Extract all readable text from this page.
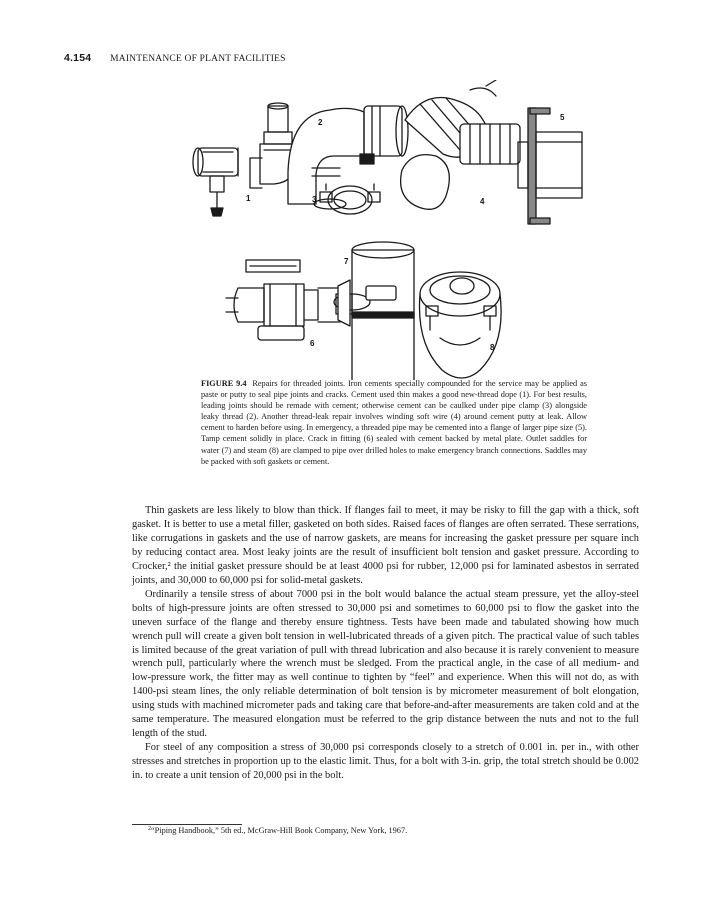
4.154 MAINTENANCE OF PLANT FACILITIES
1
2
3	4
5
6
7
8
FIGURE 9.4 Repairs for threaded joints. Iron cements specially compounded for the service may be applied as paste or putty to seal pipe joints and cracks. Cement used thin makes a good new-thread dope (1). For best results, leading joints should be remade with cement; otherwise cement can be caulked under pipe clamp (3) alongside leaky thread (2). Another thread-leak repair involves winding soft wire (4) around cement putty at leak. Allow cement to harden before using. In emergency, a threaded pipe may be cemented into a flange of larger pipe size (5). Tamp cement solidly in place. Crack in fitting (6) sealed with cement backed by metal plate. Outlet saddles for water (7) and steam (8) are clamped to pipe over drilled holes to make emergency branch connections. Saddles may be packed with soft gaskets or cement.

Thin gaskets are less likely to blow than thick. If flanges fail to meet, it may be risky to fill the gap with a thick, soft gasket. It is better to use a metal filler, gasketed on both sides. Raised faces of flanges are often serrated. These serrations, like corrugations in gaskets and the use of narrow gaskets, are means for increasing the gasket pressure per square inch by reducing contact area. Most leaky joints are the result of insufficient bolt tension and gasket pressure. According to Crocker,² the initial gasket pressure should be at least 4000 psi for rubber, 12,000 psi for laminated asbestos in serrated joints, and 30,000 to 60,000 psi for solid-metal gaskets.

Ordinarily a tensile stress of about 7000 psi in the bolt would balance the actual steam pressure, yet the alloy-steel bolts of high-pressure joints are often stressed to 30,000 psi and sometimes to 60,000 psi to flow the gasket into the uneven surface of the flange and thereby ensure tightness. Tests have been made and tabulated showing how much wrench pull will create a given bolt tension in well-lubricated threads of a given pitch. The practical value of such tables is limited because of the great variation of pull with thread lubrication and also because it is rarely convenient to measure wrench pull, particularly where the wrench must be sledged. From the practical angle, in the case of all medium- and low-pressure work, the fitter may as well continue to tighten by “feel” and experience. When this will not do, as with 1400-psi steam lines, the only reliable determination of bolt tension is by micrometer measurement of bolt elongation, using studs with machined micrometer pads and taking care that before-and-after measurements are taken cold and at the same temperature. The measured elongation must be referred to the grip distance between the nuts and not to the full length of the stud.

For steel of any composition a stress of 30,000 psi corresponds closely to a stretch of 0.001 in. per in., with other stresses and stretches in proportion up to the elastic limit. Thus, for a bolt with 3-in. grip, the total stretch should be 0.002 in. to create a unit tension of 20,000 psi in the bolt.

$^2$“Piping Handbook,” 5th ed., McGraw-Hill Book Company, New York, 1967.
